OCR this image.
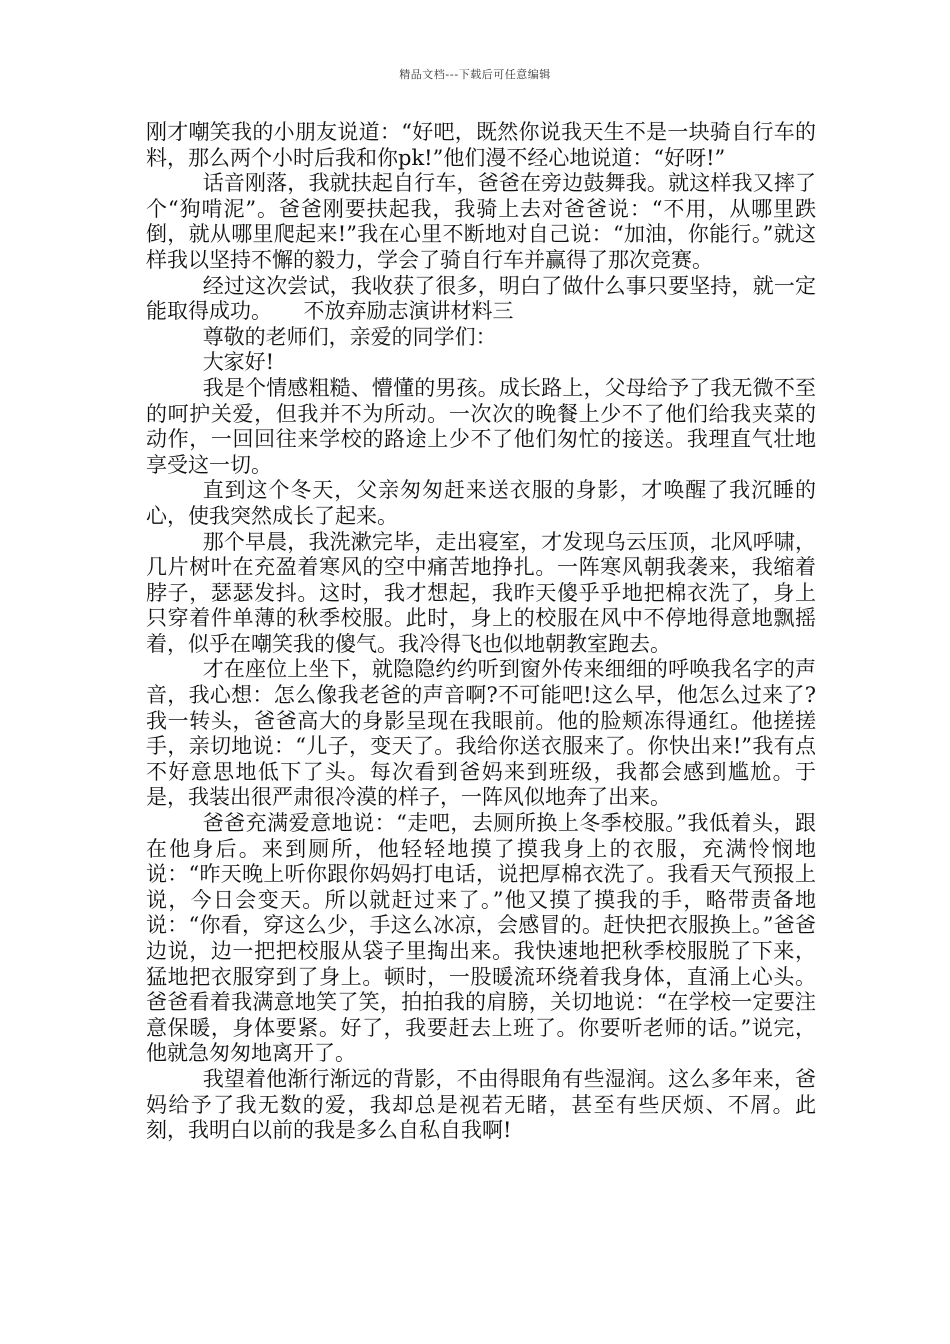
精品文档---下载后可任意编辑

刚才嘲笑我的小朋友说道：“好吧，既然你说我天生不是一块骑自行车的料，那么两个小时后我和你pk!”他们漫不经心地说道：“好呀!”

话音刚落，我就扶起自行车，爸爸在旁边鼓舞我。就这样我又摔了个“狗啃泥”。爸爸刚要扶起我，我骑上去对爸爸说：“不用，从哪里跌倒，就从哪里爬起来!”我在心里不断地对自己说：“加油，你能行。”就这样我以坚持不懈的毅力，学会了骑自行车并赢得了那次竞赛。

经过这次尝试，我收获了很多，明白了做什么事只要坚持，就一定能取得成功。　　不放弃励志演讲材料三

尊敬的老师们，亲爱的同学们：

大家好!

我是个情感粗糙、懵懂的男孩。成长路上，父母给予了我无微不至的呵护关爱，但我并不为所动。一次次的晚餐上少不了他们给我夹菜的动作，一回回往来学校的路途上少不了他们匆忙的接送。我理直气壮地享受这一切。

直到这个冬天，父亲匆匆赶来送衣服的身影，才唤醒了我沉睡的心，使我突然成长了起来。

那个早晨，我洗漱完毕，走出寝室，才发现乌云压顶，北风呼啸，几片树叶在充盈着寒风的空中痛苦地挣扎。一阵寒风朝我袭来，我缩着脖子，瑟瑟发抖。这时，我才想起，我昨天傻乎乎地把棉衣洗了，身上只穿着件单薄的秋季校服。此时，身上的校服在风中不停地得意地飘摇着，似乎在嘲笑我的傻气。我冷得飞也似地朝教室跑去。

才在座位上坐下，就隐隐约约听到窗外传来细细的呼唤我名字的声音，我心想：怎么像我老爸的声音啊?不可能吧!这么早，他怎么过来了?我一转头，爸爸高大的身影呈现在我眼前。他的脸颊冻得通红。他搓搓手，亲切地说：“儿子，变天了。我给你送衣服来了。你快出来!”我有点不好意思地低下了头。每次看到爸妈来到班级，我都会感到尴尬。于是，我装出很严肃很冷漠的样子，一阵风似地奔了出来。

爸爸充满爱意地说：“走吧，去厕所换上冬季校服。”我低着头，跟在他身后。来到厕所，他轻轻地摸了摸我身上的衣服，充满怜悯地说：“昨天晚上听你跟你妈妈打电话，说把厚棉衣洗了。我看天气预报上说，今日会变天。所以就赶过来了。”他又摸了摸我的手，略带责备地说：“你看，穿这么少，手这么冰凉，会感冒的。赶快把衣服换上。”爸爸边说，边一把把校服从袋子里掏出来。我快速地把秋季校服脱了下来，猛地把衣服穿到了身上。顿时，一股暖流环绕着我身体，直涌上心头。爸爸看着我满意地笑了笑，拍拍我的肩膀，关切地说：“在学校一定要注意保暖，身体要紧。好了，我要赶去上班了。你要听老师的话。”说完，他就急匆匆地离开了。

我望着他渐行渐远的背影，不由得眼角有些湿润。这么多年来，爸妈给予了我无数的爱，我却总是视若无睹，甚至有些厌烦、不屑。此刻，我明白以前的我是多么自私自我啊!
